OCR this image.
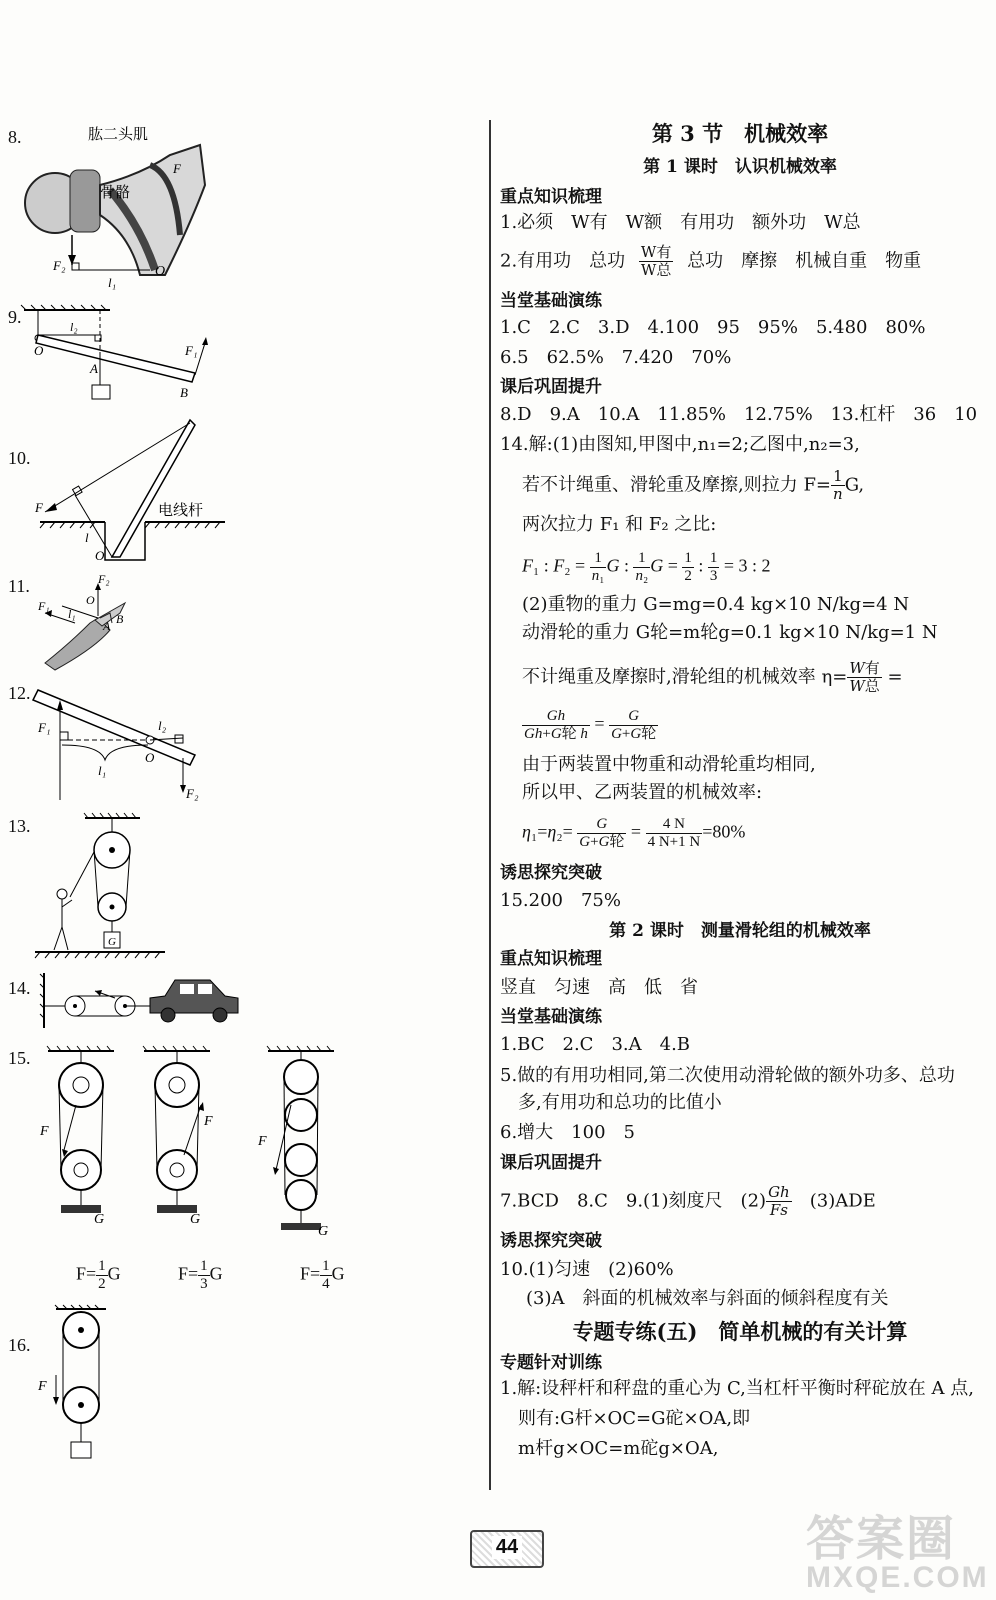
8.
F₂
l₁
O
F
肱二头肌
骨骼
9.
O
l₂
A
F₁
B
10.
F
l
O
电线杆
11.
F₁
F₂
O
l₁
A B
12.
F₁
l₁
l₂
O
F₂
13.
G
14.
15.
F
G
F
G
F
G
$F= \frac{1}{2}$ G	$F= \frac{1}{3}$ G	$F= \frac{1}{4}$ G
16.
F
第 3 节　机械效率
第 1 课时　认识机械效率
重点知识梳理
1.必须　W有　W额　有用功　额外功　W总
2.有用功　总功 $\frac{\text{W有}}{\text{W总}}$ 总功　摩擦　机械自重　物重
当堂基础演练
1.C　2.C　3.D　4.100　95　95%　5.480　80%
6.5　62.5%　7.420　70%
课后巩固提升
8.D　9.A　10.A　11.85%　12.75%　13.杠杆　36　10
14.解:(1)由图知,甲图中,n₁=2;乙图中,n₂=3,
若不计绳重、滑轮重及摩擦,则拉力 $F= \frac{1}{n} G$,
两次拉力 F₁ 和 F₂ 之比:
F₁ : $F_2 = \frac{1}{\text{n₁}}$ G : $\frac{1}{\text{n₂}}$ $G = \frac{1}{2}$ : $\frac{1}{3} = 3$ : 2
(2)重物的重力 G=mg=0.4 kg×10 N/kg=4 N
动滑轮的重力 G轮=m轮g=0.1 kg×10 N/kg=1 N
不计绳重及摩擦时,滑轮组的机械效率 $\eta= \frac{\text{W有}}{\text{W总}}$ =
$\frac{Gh}{\text{Gh+G轮 h}} = \frac{G}{\text{G+G轮}}$
由于两装置中物重和动滑轮重均相同,
所以甲、乙两装置的机械效率:
$\eta_1=\eta_2= \frac{G}{\text{G+G轮}} = \frac{4 N}{4 N+1 N} =80\%$
诱思探究突破
15.200　75%
第 2 课时　测量滑轮组的机械效率
重点知识梳理
竖直　匀速　高　低　省
当堂基础演练
1.BC　2.C　3.A　4.B
5.做的有用功相同,第二次使用动滑轮做的额外功多、总功
多,有用功和总功的比值小
6.增大　100　5
课后巩固提升
7.BCD　8.C　9.(1)刻度尺　$(2) \frac{Gh}{Fs}$
　 (3)ADE
诱思探究突破
10.(1)匀速　(2)60%
(3)A　斜面的机械效率与斜面的倾斜程度有关
专题专练(五)　简单机械的有关计算
专题针对训练
1.解:设秤杆和秤盘的重心为 C,当杠杆平衡时秤砣放在 A 点,
则有:G杆×OC=G砣×OA,即
m杆g×OC=m砣g×OA,
44	答案圈
MXQE.COM
